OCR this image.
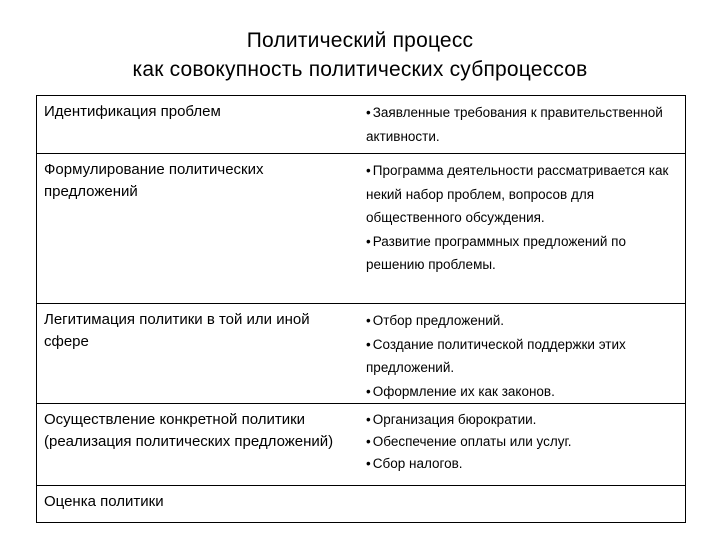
Политический процесс
как совокупность политических субпроцессов
Идентификация проблем	• Заявленные требования к правительственной активности.
Формулирование политических предложений
• Программа деятельности рассматривается как некий набор проблем, вопросов для общественного обсуждения.
• Развитие программных предложений по решению проблемы.
Легитимация политики в той или иной сфере
• Отбор предложений.
• Создание политической поддержки этих предложений.
• Оформление их как законов.
Осуществление конкретной политики (реализация политических предложений)
• Организация бюрократии.
• Обеспечение оплаты или услуг.
• Сбор налогов.
Оценка политики
